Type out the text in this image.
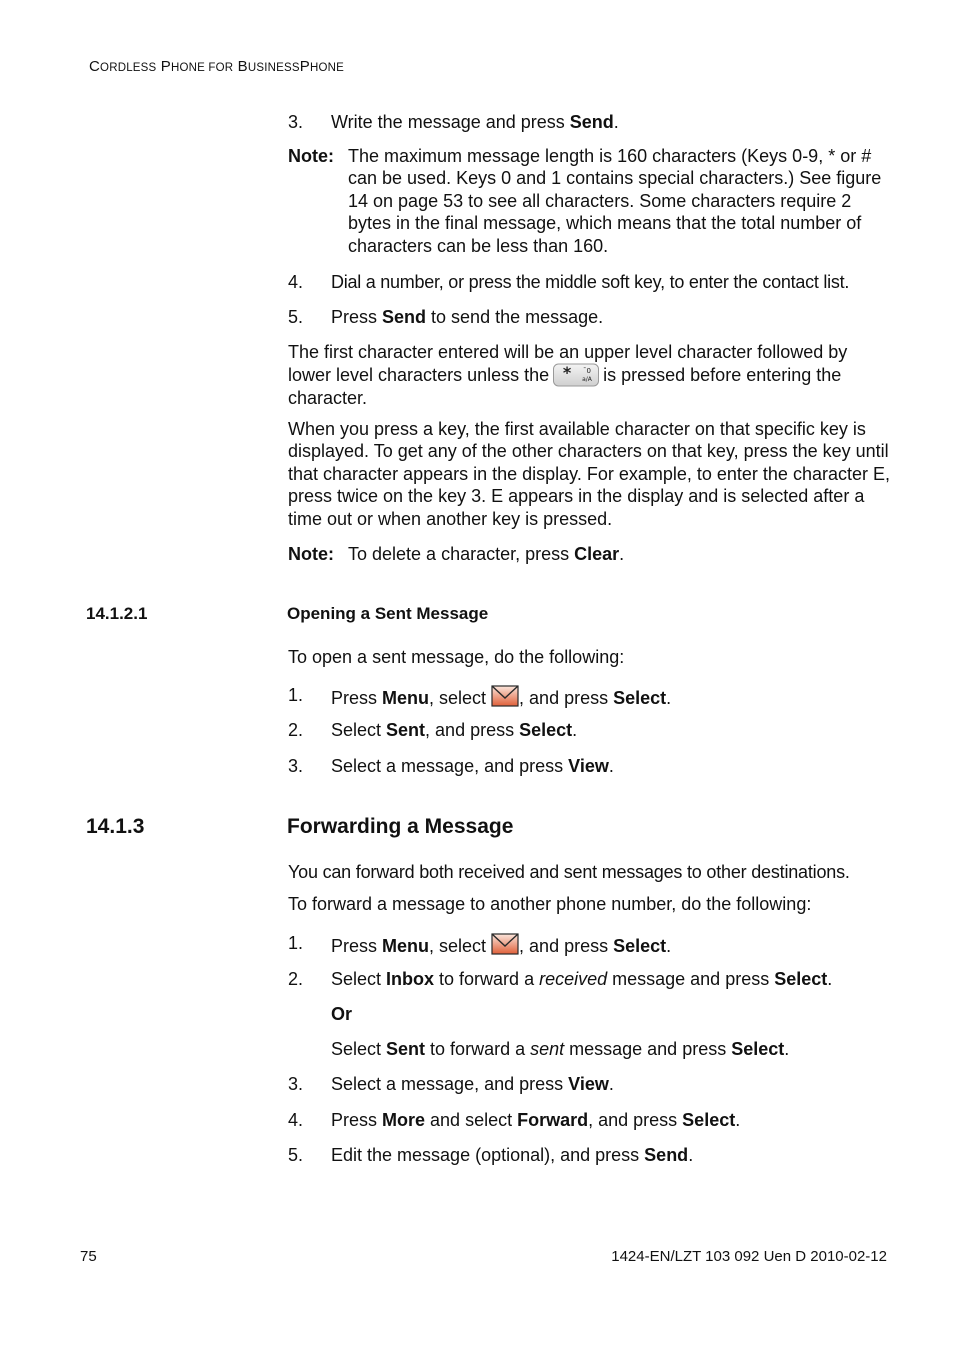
CORDLESS PHONE FOR BUSINESSPHONE
3. Write the message and press Send.
Note: The maximum message length is 160 characters (Keys 0-9, * or # can be used. Keys 0 and 1 contains special characters.) See figure 14 on page 53 to see all characters. Some characters require 2 bytes in the final message, which means that the total number of characters can be less than 160.
4. Dial a number, or press the middle soft key, to enter the contact list.
5. Press Send to send the message.
The first character entered will be an upper level character followed by lower level characters unless the * ¯0
a/A is pressed before entering the character.
When you press a key, the first available character on that specific key is displayed. To get any of the other characters on that key, press the key until that character appears in the display. For example, to enter the character E, press twice on the key 3. E appears in the display and is selected after a time out or when another key is pressed.
Note: To delete a character, press Clear.
14.1.2.1	Opening a Sent Message
To open a sent message, do the following:
1. Press Menu, select , and press Select.
2. Select Sent, and press Select.
3. Select a message, and press View.
14.1.3	Forwarding a Message
You can forward both received and sent messages to other destinations.
To forward a message to another phone number, do the following:
1. Press Menu, select , and press Select.
2. Select Inbox to forward a received message and press Select.
Or
Select Sent to forward a sent message and press Select.
3. Select a message, and press View.
4. Press More and select Forward, and press Select.
5. Edit the message (optional), and press Send.
75	1424-EN/LZT 103 092 Uen D 2010-02-12
